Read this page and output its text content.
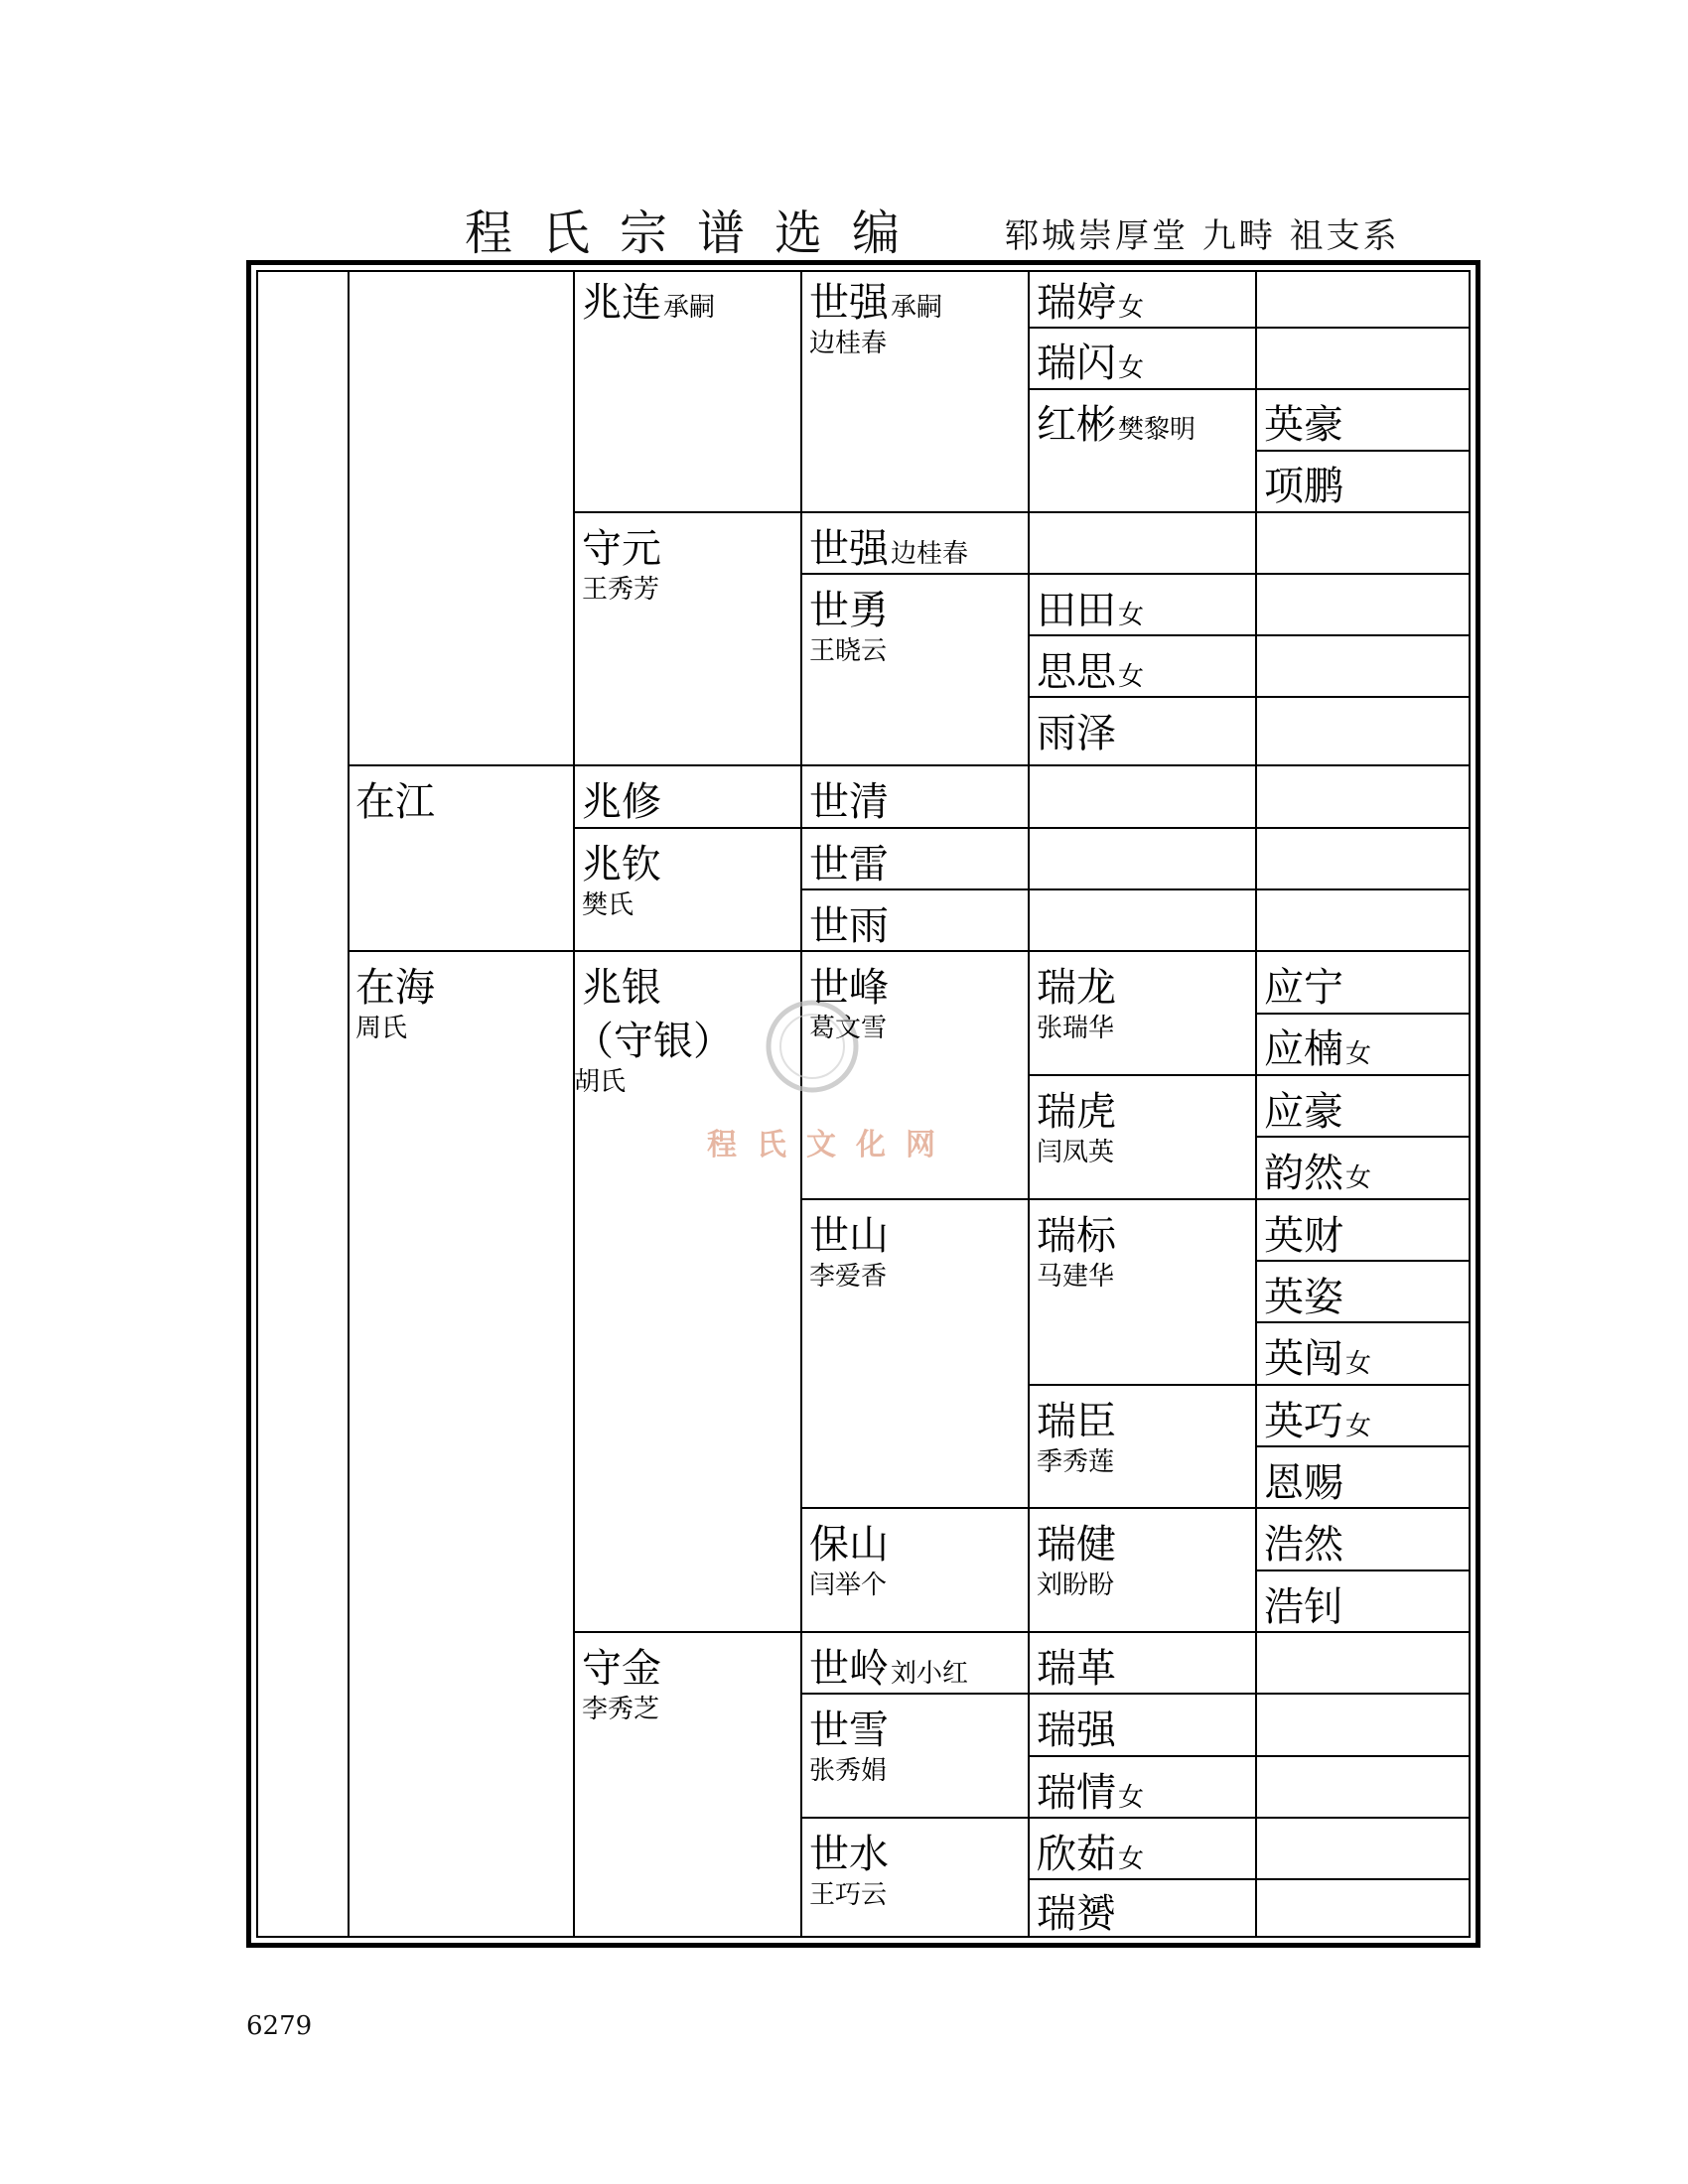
程氏宗谱选编 郓城崇厚堂 九畤 祖支系
程氏文化网
兆连承嗣 世强承嗣
边桂春
瑞婷女
瑞闪女
红彬樊黎明 英豪
项鹏
守元
王秀芳
世强边桂春
世勇
王晓云
田田女
思思女
雨泽
在江	兆修	世清
兆钦
樊氏
世雷
世雨
在海
周氏
兆银
（守银）
胡氏
世峰
葛文雪
瑞龙
张瑞华
应宁
应楠女
瑞虎
闫凤英
应豪
韵然女
世山
李爱香
瑞标
马建华
英财
英姿
英闯女
瑞臣
季秀莲
英巧女
恩赐
保山
闫举个
瑞健
刘盼盼
浩然
浩钊
守金
李秀芝
世岭刘小红 瑞革
世雪
张秀娟
瑞强
瑞情女
世水
王巧云
欣茹女
瑞赟
6279
